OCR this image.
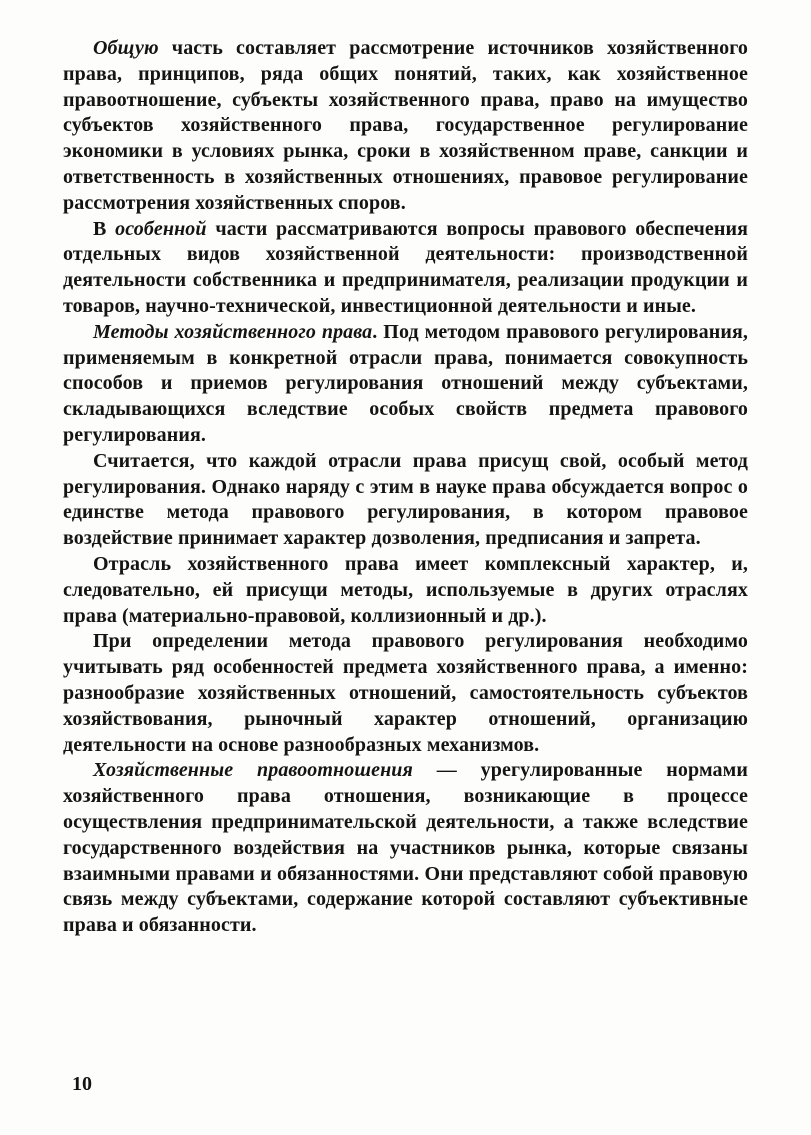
Общую часть составляет рассмотрение источников хозяйственного права, принципов, ряда общих понятий, таких, как хозяйственное правоотношение, субъекты хозяйственного права, право на имущество субъектов хозяйственного права, государственное регулирование экономики в условиях рынка, сроки в хозяйственном праве, санкции и ответственность в хозяйственных отношениях, правовое регулирование рассмотрения хозяйственных споров.

В особенной части рассматриваются вопросы правового обеспечения отдельных видов хозяйственной деятельности: производственной деятельности собственника и предпринимателя, реализации продукции и товаров, научно-технической, инвестиционной деятельности и иные.

Методы хозяйственного права. Под методом правового регулирования, применяемым в конкретной отрасли права, понимается совокупность способов и приемов регулирования отношений между субъектами, складывающихся вследствие особых свойств предмета правового регулирования.

Считается, что каждой отрасли права присущ свой, особый метод регулирования. Однако наряду с этим в науке права обсуждается вопрос о единстве метода правового регулирования, в котором правовое воздействие принимает характер дозволения, предписания и запрета.

Отрасль хозяйственного права имеет комплексный характер, и, следовательно, ей присущи методы, используемые в других отраслях права (материально-правовой, коллизионный и др.).

При определении метода правового регулирования необходимо учитывать ряд особенностей предмета хозяйственного права, а именно: разнообразие хозяйственных отношений, самостоятельность субъектов хозяйствования, рыночный характер отношений, организацию деятельности на основе разнообразных механизмов.

Хозяйственные правоотношения — урегулированные нормами хозяйственного права отношения, возникающие в процессе осуществления предпринимательской деятельности, а также вследствие государственного воздействия на участников рынка, которые связаны взаимными правами и обязанностями. Они представляют собой правовую связь между субъектами, содержание которой составляют субъективные права и обязанности.

10
